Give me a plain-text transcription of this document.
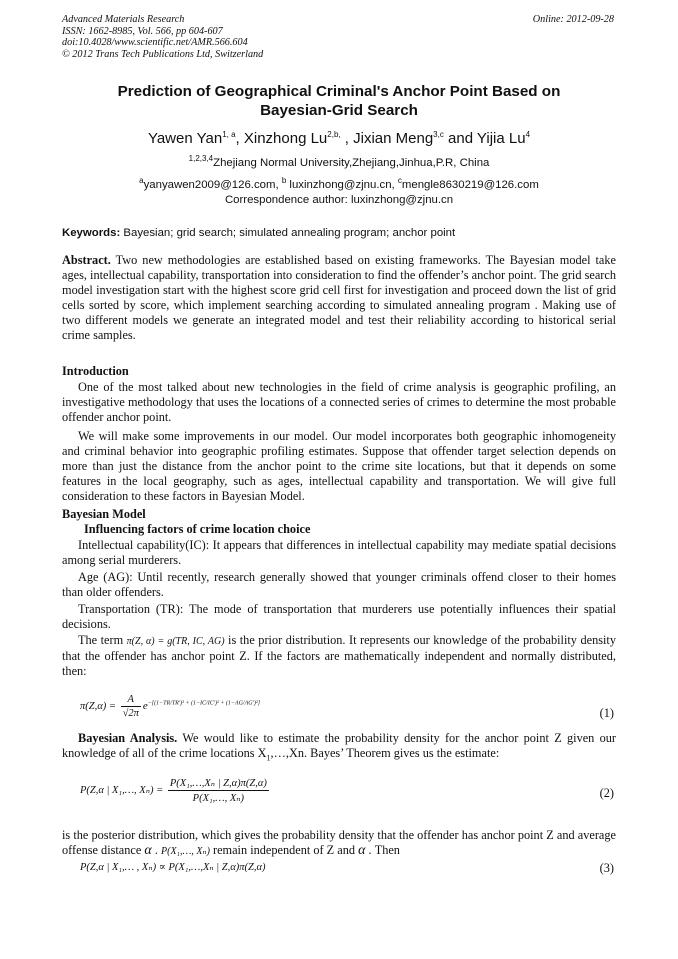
Advanced Materials Research
ISSN: 1662-8985, Vol. 566, pp 604-607
doi:10.4028/www.scientific.net/AMR.566.604
© 2012 Trans Tech Publications Ltd, Switzerland
Online: 2012-09-28
Prediction of Geographical Criminal's Anchor Point Based on
Bayesian-Grid Search
Yawen Yan$^{1, a}$, Xinzhong $Lu^{2,b,}$ , Jixian Meng$^{3,c}$ and Yijia Lu$^4$
$^{1,2,3,4}$Zhejiang Normal University,Zhejiang,Jinhua,P.R, China
$^a$yanyawen2009@126.com, $^b$ luxinzhong@zjnu.cn, $^c$mengle8630219@126.com
Correspondence author: luxinzhong@zjnu.cn
Keywords: Bayesian; grid search; simulated annealing program; anchor point

Abstract. Two new methodologies are established based on existing frameworks. The Bayesian model take ages, intellectual capability, transportation into consideration to find the offender’s anchor point. The grid search model investigation start with the highest score grid cell first for investigation and proceed down the list of grid cells sorted by score, which implement searching according to simulated annealing program . Making use of two different models we generate an integrated model and test their reliability according to historical serial crime samples.

Introduction

One of the most talked about new technologies in the field of crime analysis is geographic profiling, an investigative methodology that uses the locations of a connected series of crimes to determine the most probable offender anchor point.

We will make some improvements in our model. Our model incorporates both geographic inhomogeneity and criminal behavior into geographic profiling estimates. Suppose that offender target selection depends on more than just the distance from the anchor point to the crime site locations, but that it depends on some features in the local geography, such as ages, intellectual capability and transportation. We will give full consideration to these factors in Bayesian Model.

Bayesian Model
Influencing factors of crime location choice

Intellectual capability(IC): It appears that differences in intellectual capability may mediate spatial decisions among serial murderers.

Age (AG): Until recently, research generally showed that younger criminals offend closer to their homes than older offenders.

Transportation (TR): The mode of transportation that murderers use potentially influences their spatial decisions.

The term π(Z, α) = g(TR, IC, AG) is the prior distribution. It represents our knowledge of the probability density that the offender has anchor point Z. If the factors are mathematically independent and normally distributed, then:

$\pi(Z,\alpha) = \frac{A}{√2\pi} e^{-[(1-TR/TR')^2 + (1-IC/IC')^2 + (1-AG/AG')^2]}$
(1)

Bayesian Analysis. We would like to estimate the probability density for the anchor point Z given our knowledge of all of the crime locations $X_1,\dots,Xn$. Bayes’ Theorem gives us the estimate:

P(Z,α | X₁,…, $X_n) = \frac{\text{P(X₁,…,Xₙ | Z,α)π(Z,α)}}{\text{P(X₁,…, Xₙ)}}$	(2)

is the posterior distribution, which gives the probability density that the offender has anchor point Z and average offense distance α . P(X₁,…, Xₙ) remain independent of Z and α . Then

P(Z,α | X₁,… , Xₙ) ∝ P(X₁,…,Xₙ | Z,α)π(Z,α)	(3)
